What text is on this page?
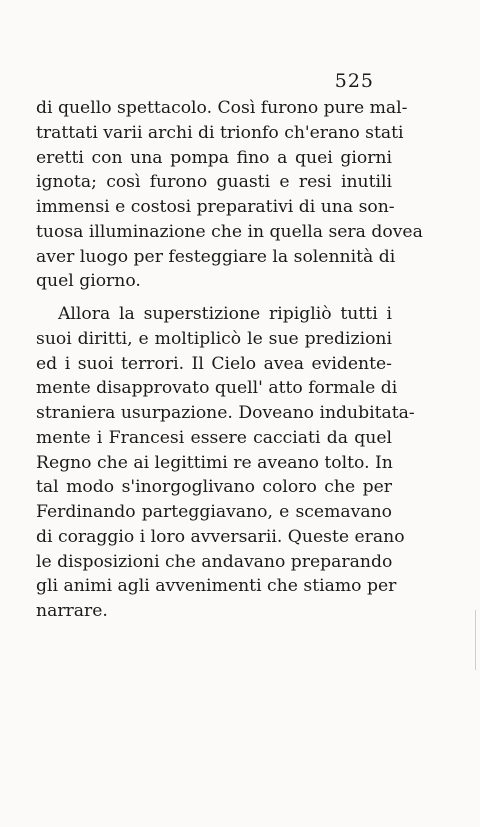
525
di quello spettacolo. Così furono pure mal-
trattati varii archi di trionfo ch'erano stati
eretti con una pompa fino a quei giorni
ignota; così furono guasti e resi inutili
immensi e costosi preparativi di una son-
tuosa illuminazione che in quella sera dovea
aver luogo per festeggiare la solennità di
quel giorno.
Allora la superstizione ripigliò tutti i
suoi diritti, e moltiplicò le sue predizioni
ed i suoi terrori. Il Cielo avea evidente-
mente disapprovato quell' atto formale di
straniera usurpazione. Doveano indubitata-
mente i Francesi essere cacciati da quel
Regno che ai legittimi re aveano tolto. In
tal modo s'inorgoglivano coloro che per
Ferdinando parteggiavano, e scemavano
di coraggio i loro avversarii. Queste erano
le disposizioni che andavano preparando
gli animi agli avvenimenti che stiamo per
narrare.
